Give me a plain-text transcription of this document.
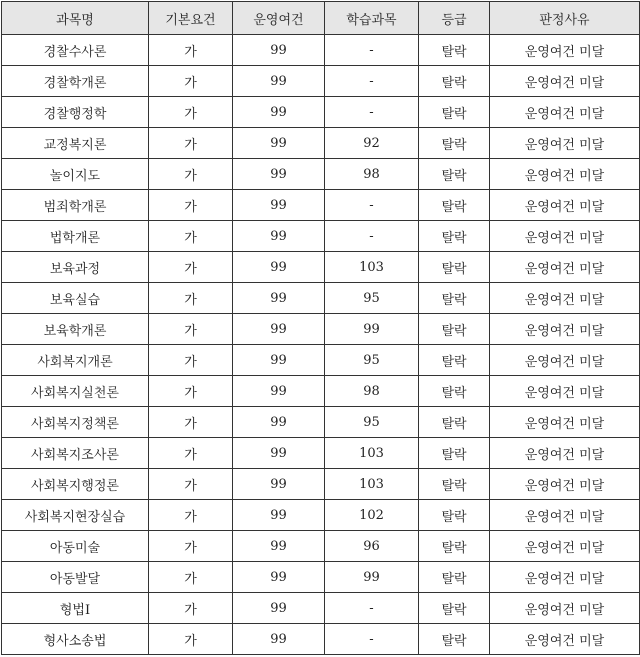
과목명	기본요건	운영여건	학습과목	등급	판정사유
경찰수사론	가	99	-	탈락	운영여건 미달
경찰학개론	가	99	-	탈락	운영여건 미달
경찰행정학	가	99	-	탈락	운영여건 미달
교정복지론	가	99	92	탈락	운영여건 미달
놀이지도	가	99	98	탈락	운영여건 미달
범죄학개론	가	99	-	탈락	운영여건 미달
법학개론	가	99	-	탈락	운영여건 미달
보육과정	가	99	103	탈락	운영여건 미달
보육실습	가	99	95	탈락	운영여건 미달
보육학개론	가	99	99	탈락	운영여건 미달
사회복지개론	가	99	95	탈락	운영여건 미달
사회복지실천론	가	99	98	탈락	운영여건 미달
사회복지정책론	가	99	95	탈락	운영여건 미달
사회복지조사론	가	99	103	탈락	운영여건 미달
사회복지행정론	가	99	103	탈락	운영여건 미달
사회복지현장실습	가	99	102	탈락	운영여건 미달
아동미술	가	99	96	탈락	운영여건 미달
아동발달	가	99	99	탈락	운영여건 미달
형법Ⅰ	가	99	-	탈락	운영여건 미달
형사소송법	가	99	-	탈락	운영여건 미달
